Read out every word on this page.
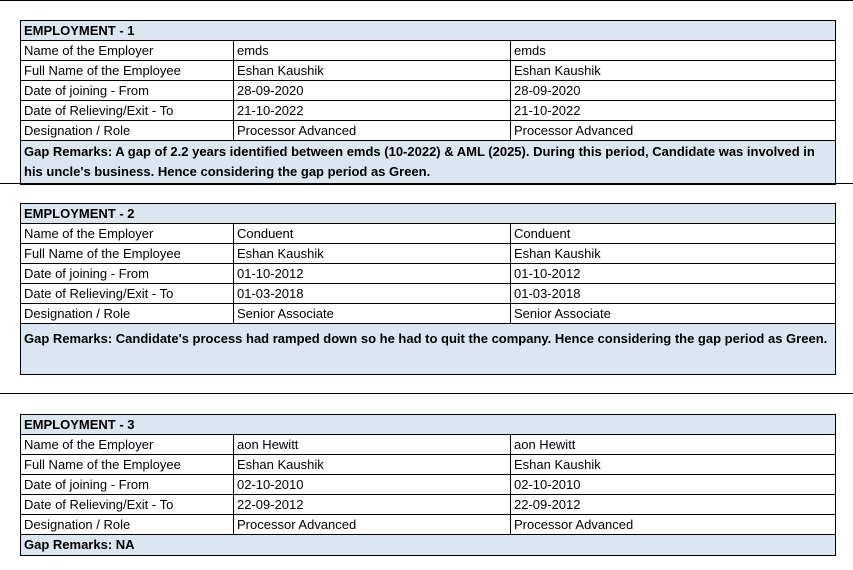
EMPLOYMENT - 1
Name of the Employer	emds	emds
Full Name of the Employee	Eshan Kaushik	Eshan Kaushik
Date of joining - From	28-09-2020	28-09-2020
Date of Relieving/Exit - To	21-10-2022	21-10-2022
Designation / Role	Processor Advanced	Processor Advanced
Gap Remarks: A gap of 2.2 years identified between emds (10-2022) & AML (2025). During this period, Candidate was involved in his uncle's business. Hence considering the gap period as Green.
EMPLOYMENT - 2
Name of the Employer	Conduent	Conduent
Full Name of the Employee	Eshan Kaushik	Eshan Kaushik
Date of joining - From	01-10-2012	01-10-2012
Date of Relieving/Exit - To	01-03-2018	01-03-2018
Designation / Role	Senior Associate	Senior Associate
Gap Remarks: Candidate's process had ramped down so he had to quit the company. Hence considering the gap period as Green.
EMPLOYMENT - 3
Name of the Employer	aon Hewitt	aon Hewitt
Full Name of the Employee	Eshan Kaushik	Eshan Kaushik
Date of joining - From	02-10-2010	02-10-2010
Date of Relieving/Exit - To	22-09-2012	22-09-2012
Designation / Role	Processor Advanced	Processor Advanced
Gap Remarks: NA
